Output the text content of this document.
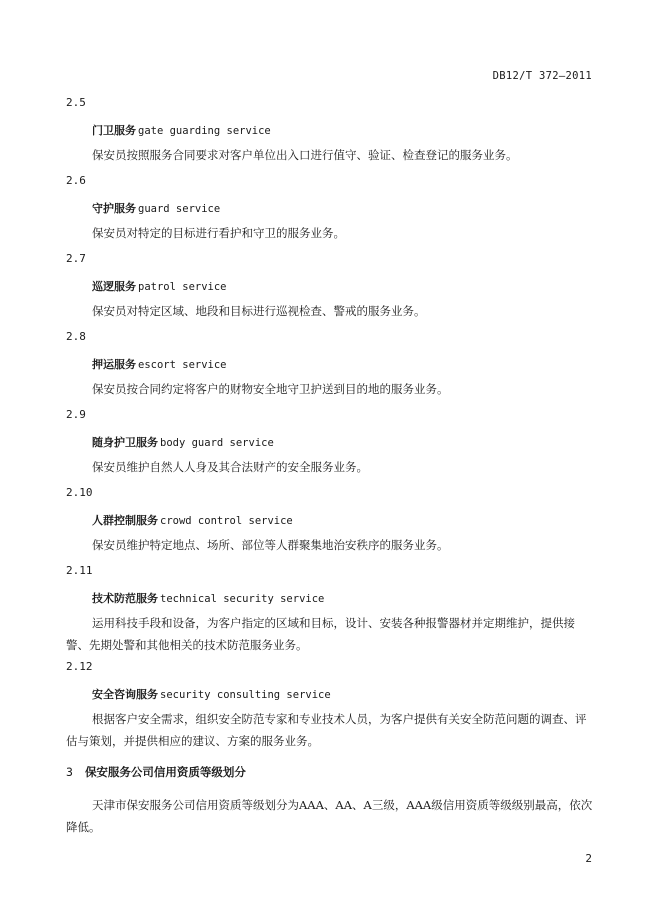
DB12/T 372—2011
2.5
门卫服务 gate guarding service
保安员按照服务合同要求对客户单位出入口进行值守、验证、检查登记的服务业务。
2.6
守护服务 guard service
保安员对特定的目标进行看护和守卫的服务业务。
2.7
巡逻服务 patrol service
保安员对特定区域、地段和目标进行巡视检查、警戒的服务业务。
2.8
押运服务 escort service
保安员按合同约定将客户的财物安全地守卫护送到目的地的服务业务。
2.9
随身护卫服务 body guard service
保安员维护自然人人身及其合法财产的安全服务业务。
2.10
人群控制服务 crowd control service
保安员维护特定地点、场所、部位等人群聚集地治安秩序的服务业务。
2.11
技术防范服务 technical security service
运用科技手段和设备，为客户指定的区域和目标，设计、安装各种报警器材并定期维护，提供接警、先期处警和其他相关的技术防范服务业务。
2.12
安全咨询服务 security consulting service
根据客户安全需求，组织安全防范专家和专业技术人员，为客户提供有关安全防范问题的调查、评估与策划，并提供相应的建议、方案的服务业务。
3 保安服务公司信用资质等级划分
天津市保安服务公司信用资质等级划分为AAA、AA、A三级，AAA级信用资质等级级别最高，依次降低。
2
